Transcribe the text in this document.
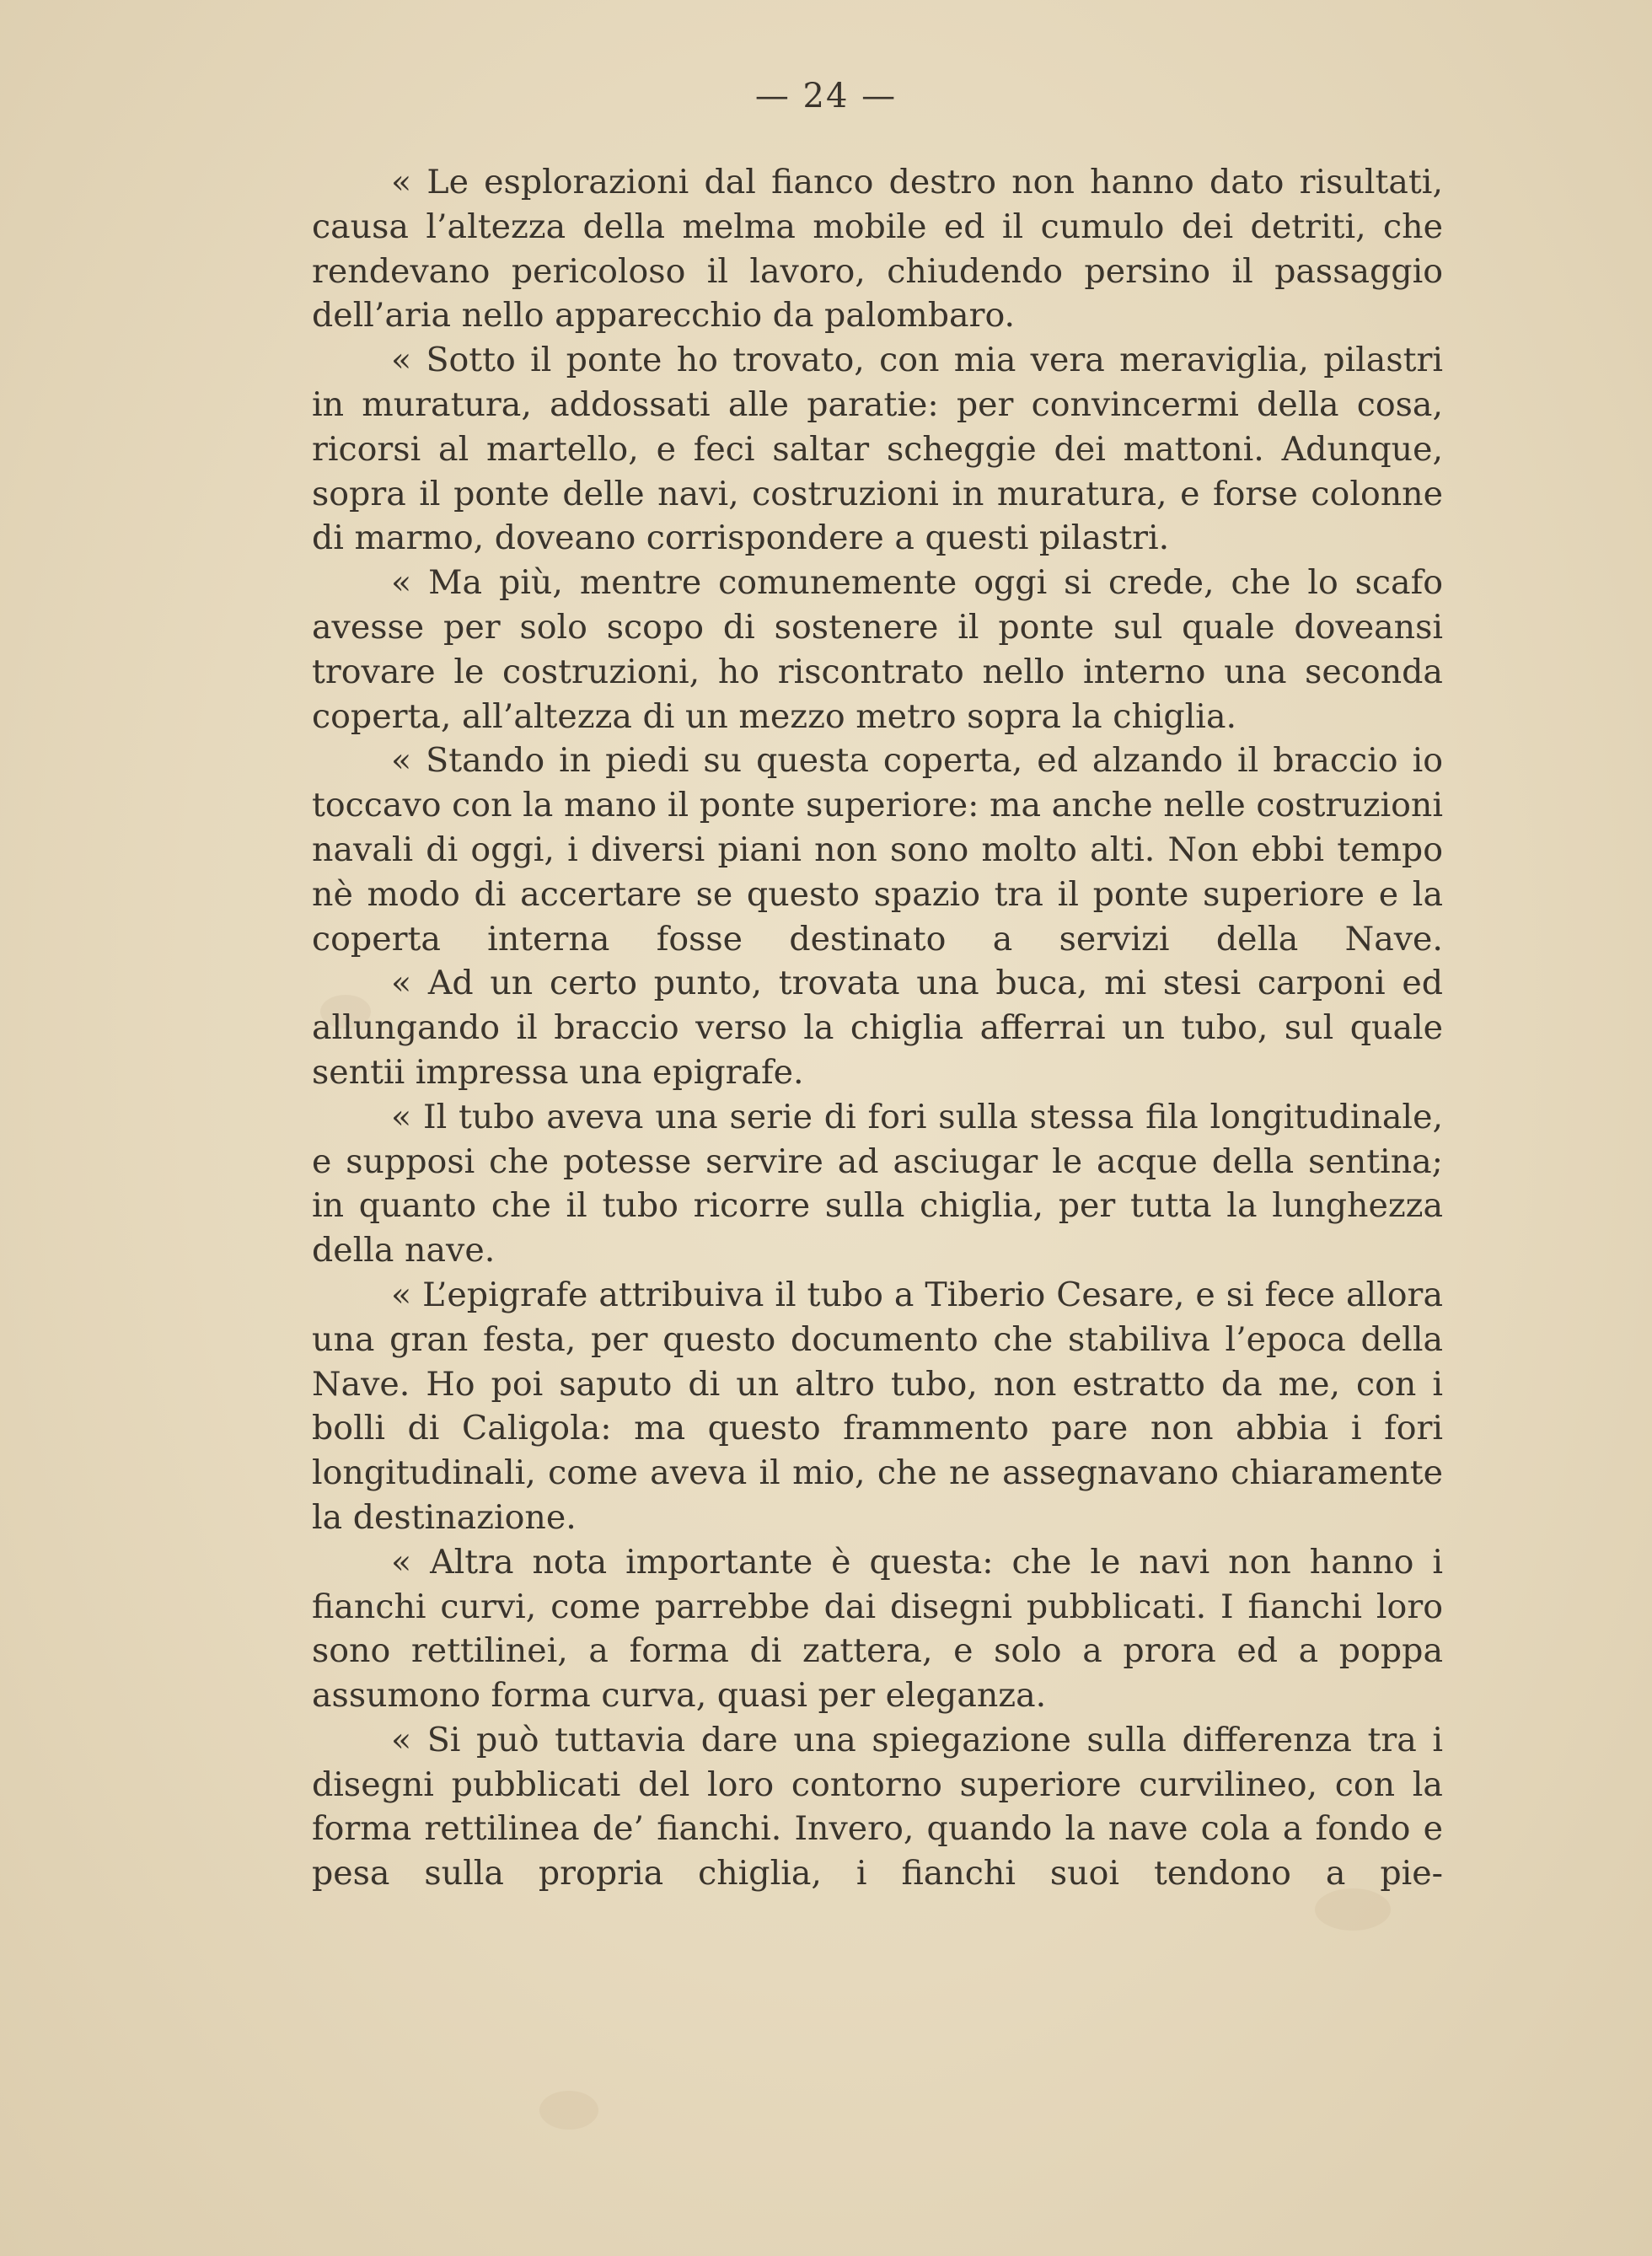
— 24 —

« Le esplorazioni dal fianco destro non hanno dato risultati, causa l’altezza della melma mobile ed il cumulo dei detriti, che rendevano pericoloso il lavoro, chiudendo persino il passaggio dell’aria nello apparecchio da palombaro.

« Sotto il ponte ho trovato, con mia vera meraviglia, pilastri in muratura, addossati alle paratie: per convincermi della cosa, ricorsi al martello, e feci saltar scheggie dei mattoni. Adunque, sopra il ponte delle navi, costruzioni in muratura, e forse colonne di marmo, doveano corrispondere a questi pilastri.

« Ma più, mentre comunemente oggi si crede, che lo scafo avesse per solo scopo di sostenere il ponte sul quale doveansi trovare le costruzioni, ho riscontrato nello interno una seconda coperta, all’altezza di un mezzo metro sopra la chiglia.

« Stando in piedi su questa coperta, ed alzando il braccio io toccavo con la mano il ponte superiore: ma anche nelle costruzioni navali di oggi, i diversi piani non sono molto alti. Non ebbi tempo nè modo di accertare se questo spazio tra il ponte superiore e la coperta interna fosse destinato a servizi della Nave.

« Ad un certo punto, trovata una buca, mi stesi carponi ed allungando il braccio verso la chiglia afferrai un tubo, sul quale sentii impressa una epigrafe.

« Il tubo aveva una serie di fori sulla stessa fila longitudinale, e supposi che potesse servire ad asciugar le acque della sentina; in quanto che il tubo ricorre sulla chiglia, per tutta la lunghezza della nave.

« L’epigrafe attribuiva il tubo a Tiberio Cesare, e si fece allora una gran festa, per questo documento che stabiliva l’epoca della Nave. Ho poi saputo di un altro tubo, non estratto da me, con i bolli di Caligola: ma questo frammento pare non abbia i fori longitudinali, come aveva il mio, che ne assegnavano chiaramente la destinazione.

« Altra nota importante è questa: che le navi non hanno i fianchi curvi, come parrebbe dai disegni pubblicati. I fianchi loro sono rettilinei, a forma di zattera, e solo a prora ed a poppa assumono forma curva, quasi per eleganza.

« Si può tuttavia dare una spiegazione sulla differenza tra i disegni pubblicati del loro contorno superiore curvilineo, con la forma rettilinea de’ fianchi. Invero, quando la nave cola a fondo e pesa sulla propria chiglia, i fianchi suoi tendono a pie-
